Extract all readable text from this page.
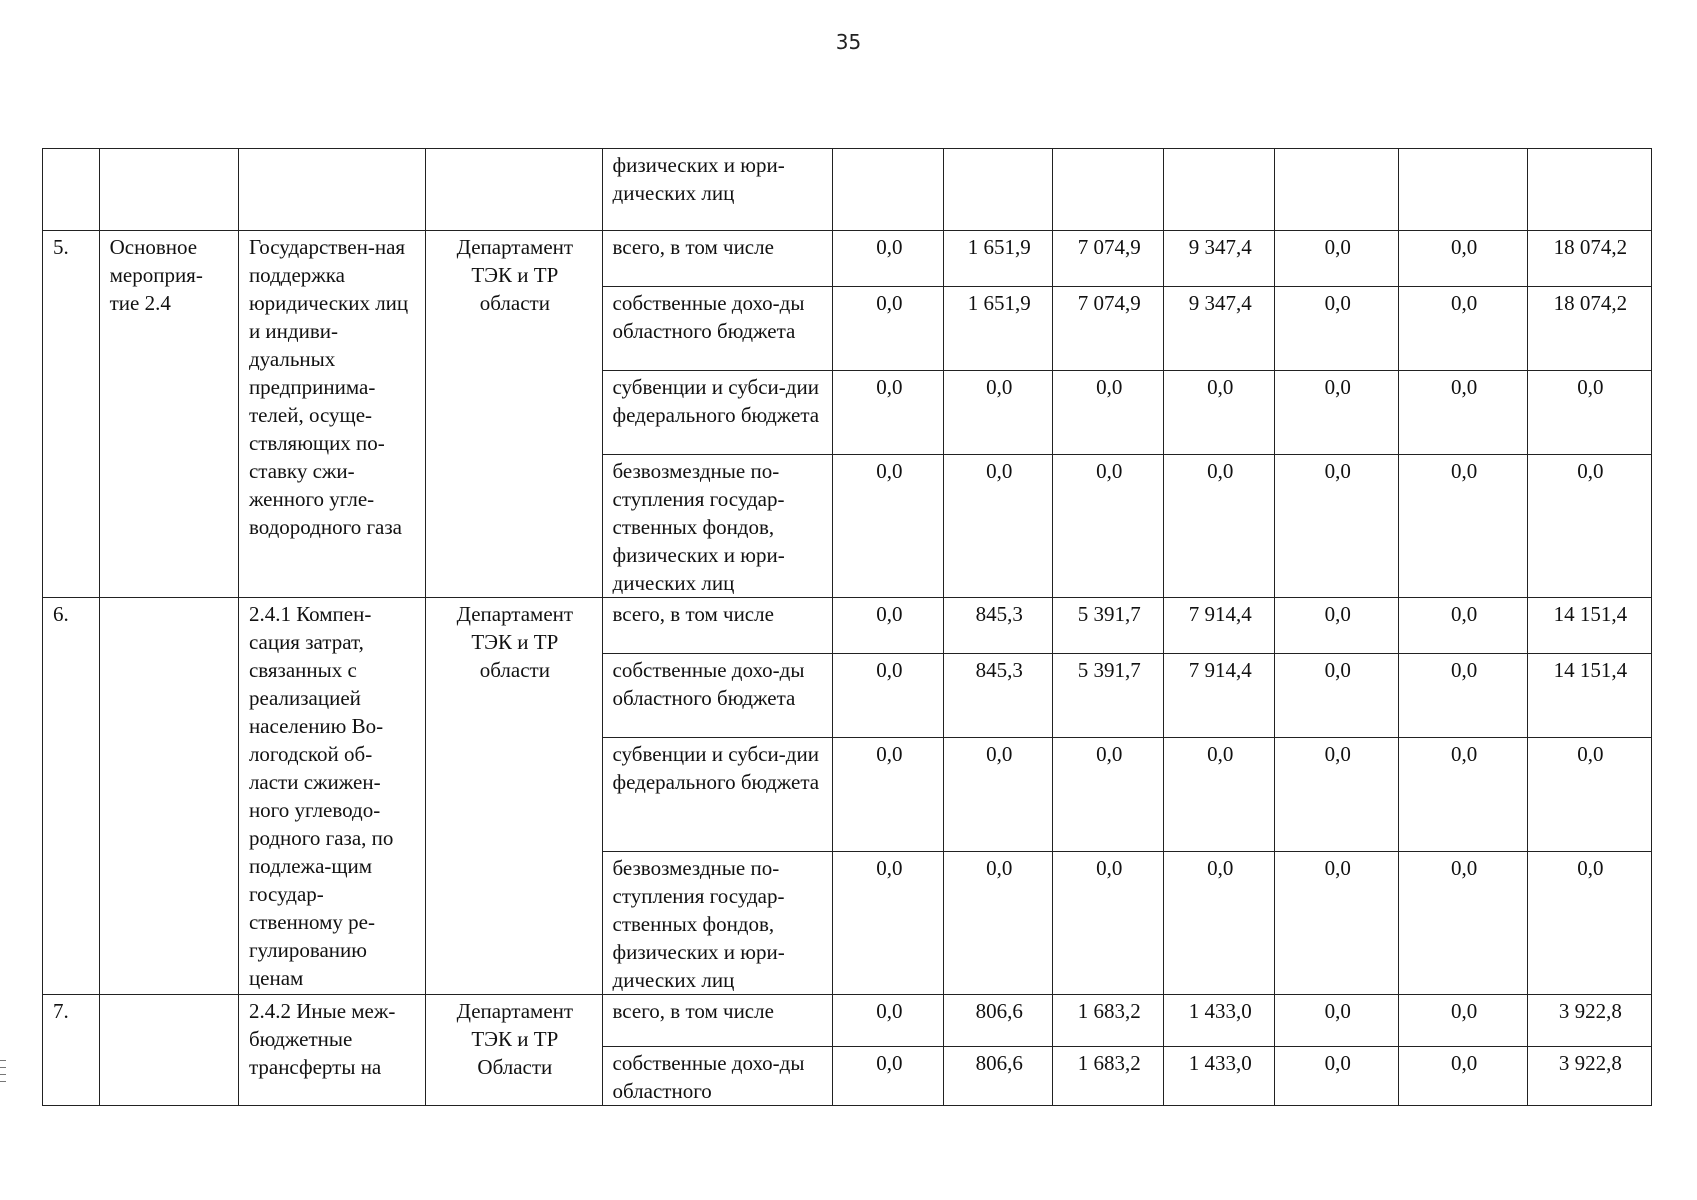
35
				физических и юри-дических лиц							
5.	Основное мероприя-тие 2.4	Государствен-ная поддержка юридических лиц и индиви-дуальных предпринима-телей, осуще-ствляющих по-ставку сжи-женного угле-водородного газа	Департамент ТЭК и ТР области	всего, в том числе	0,0	1 651,9	7 074,9	9 347,4	0,0	0,0	18 074,2
				собственные дохо-ды областного бюджета	0,0	1 651,9	7 074,9	9 347,4	0,0	0,0	18 074,2
				субвенции и субси-дии федерального бюджета	0,0	0,0	0,0	0,0	0,0	0,0	0,0
				безвозмездные по-ступления государ-ственных фондов, физических и юри-дических лиц	0,0	0,0	0,0	0,0	0,0	0,0	0,0
6.		2.4.1 Компен-сация затрат, связанных с реализацией населению Во-логодской об-ласти сжижен-ного углеводо-родного газа, по подлежа-щим государ-ственному ре-гулированию ценам	Департамент ТЭК и ТР области	всего, в том числе	0,0	845,3	5 391,7	7 914,4	0,0	0,0	14 151,4
				собственные дохо-ды областного бюджета	0,0	845,3	5 391,7	7 914,4	0,0	0,0	14 151,4
				субвенции и субси-дии федерального бюджета	0,0	0,0	0,0	0,0	0,0	0,0	0,0
				безвозмездные по-ступления государ-ственных фондов, физических и юри-дических лиц	0,0	0,0	0,0	0,0	0,0	0,0	0,0
7.		2.4.2 Иные меж-бюджетные трансферты на	Департамент ТЭК и ТР Области	всего, в том числе	0,0	806,6	1 683,2	1 433,0	0,0	0,0	3 922,8
				собственные дохо-ды областного	0,0	806,6	1 683,2	1 433,0	0,0	0,0	3 922,8
